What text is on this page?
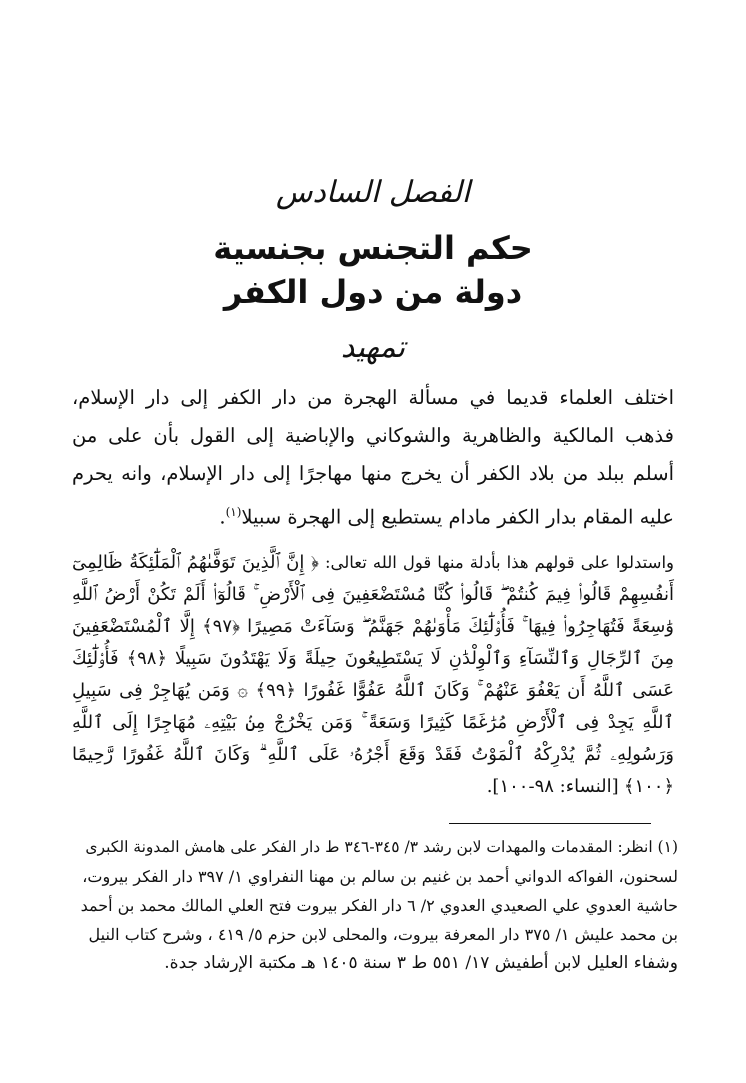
الفصل السادس
حكم التجنس بجنسية
دولة من دول الكفر
تمهيد
اختلف العلماء قديما في مسألة الهجرة من دار الكفر إلى دار الإسلام، فذهب المالكية والظاهرية والشوكاني والإباضية إلى القول بأن على من أسلم ببلد من بلاد الكفر أن يخرج منها مهاجرًا إلى دار الإسلام، وانه يحرم عليه المقام بدار الكفر مادام يستطيع إلى الهجرة سبيلا$^{(١)}$.
واستدلوا على قولهم هذا بأدلة منها قول الله تعالى: ﴿ إِنَّ ٱلَّذِينَ تَوَفَّىٰهُمُ ٱلْمَلَٰٓئِكَةُ ظَالِمِىٓ أَنفُسِهِمْ قَالُوا۟ فِيمَ كُنتُمْ ۖ قَالُوا۟ كُنَّا مُسْتَضْعَفِينَ فِى ٱلْأَرْضِ ۚ قَالُوٓا۟ أَلَمْ تَكُنْ أَرْضُ ٱللَّهِ وَٰسِعَةً فَتُهَاجِرُوا۟ فِيهَا ۚ فَأُو۟لَٰٓئِكَ مَأْوَىٰهُمْ جَهَنَّمُ ۖ وَسَآءَتْ مَصِيرًا ﴿٩٧﴾ إِلَّا ٱلْمُسْتَضْعَفِينَ مِنَ ٱلرِّجَالِ وَٱلنِّسَآءِ وَٱلْوِلْدَٰنِ لَا يَسْتَطِيعُونَ حِيلَةً وَلَا يَهْتَدُونَ سَبِيلًا ﴿٩٨﴾ فَأُو۟لَٰٓئِكَ عَسَى ٱللَّهُ أَن يَعْفُوَ عَنْهُمْ ۚ وَكَانَ ٱللَّهُ عَفُوًّا غَفُورًا ﴿٩٩﴾ ۞ وَمَن يُهَاجِرْ فِى سَبِيلِ ٱللَّهِ يَجِدْ فِى ٱلْأَرْضِ مُرَٰغَمًا كَثِيرًا وَسَعَةً ۚ وَمَن يَخْرُجْ مِنۢ بَيْتِهِۦ مُهَاجِرًا إِلَى ٱللَّهِ وَرَسُولِهِۦ ثُمَّ يُدْرِكْهُ ٱلْمَوْتُ فَقَدْ وَقَعَ أَجْرُهُۥ عَلَى ٱللَّهِ ۗ وَكَانَ ٱللَّهُ غَفُورًا رَّحِيمًا ﴿١٠٠﴾ [النساء: ٩٨-١٠٠].
(١) انظر: المقدمات والمهدات لابن رشد ٣/ ٣٤٥-٣٤٦ ط دار الفكر على هامش المدونة الكبرى
لسحنون، الفواكه الدواني أحمد بن غنيم بن سالم بن مهنا النفراوي ١/ ٣٩٧ دار الفكر بيروت،
حاشية العدوي علي الصعيدي العدوي ٢/ ٦ دار الفكر بيروت فتح العلي المالك محمد بن أحمد
بن محمد عليش ١/ ٣٧٥ دار المعرفة بيروت، والمحلى لابن حزم ٥/ ٤١٩ ، وشرح كتاب النيل
وشفاء العليل لابن أطفيش ١٧/ ٥٥١ ط ٣ سنة ١٤٠٥ هـ مكتبة الإرشاد جدة.
